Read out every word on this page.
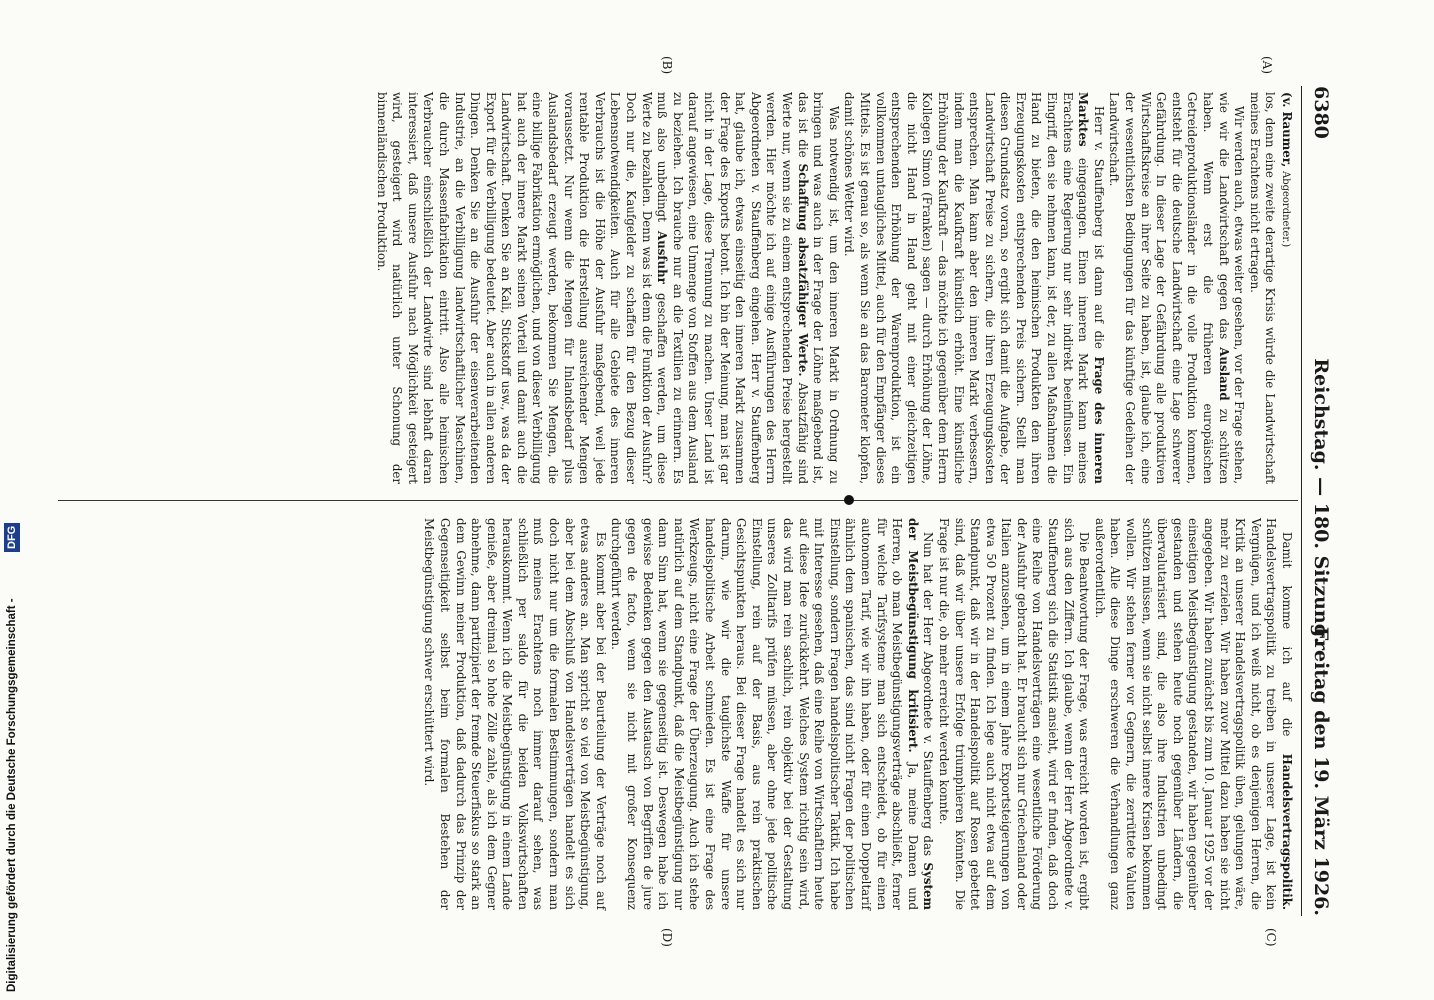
6380
Reichstag. — 180. Sitzung.
Freitag den 19. März 1926.
(A)
(B)
(C)
(D)

(v. Raumer, Abgeordneter.)

los, denn eine zweite derartige Krisis würde die Landwirtschaft meines Erachtens nicht ertragen.

Wir werden auch, etwas weiter gesehen, vor der Frage stehen, wie wir die Landwirtschaft gegen das Ausland zu schützen haben. Wenn erst die früheren europäischen Getreideproduktionsländer in die volle Produktion kommen, entsteht für die deutsche Landwirtschaft eine Lage schwerer Gefährdung. In dieser Lage der Gefährdung alle produktiven Wirtschaftskreise an ihrer Seite zu haben, ist, glaube ich, eine der wesentlichsten Bedingungen für das künftige Gedeihen der Landwirtschaft.

Herr v. Stauffenberg ist dann auf die Frage des inneren Marktes eingegangen. Einen inneren Markt kann meines Erachtens eine Regierung nur sehr indirekt beeinflussen. Ein Eingriff, den sie nehmen kann, ist der, zu allen Maßnahmen die Hand zu bieten, die den heimischen Produkten den ihren Erzeugungskosten entsprechenden Preis sichern. Stellt man diesen Grundsatz voran, so ergibt sich damit die Aufgabe, der Landwirtschaft Preise zu sichern, die ihren Erzeugungskosten entsprechen. Man kann aber den inneren Markt verbessern, indem man die Kaufkraft künstlich erhöht. Eine künstliche Erhöhung der Kaufkraft — das möchte ich gegenüber dem Herrn Kollegen Simon (Franken) sagen — durch Erhöhung der Löhne, die nicht Hand in Hand geht mit einer gleichzeitigen entsprechenden Erhöhung der Warenproduktion, ist ein vollkommen untaugliches Mittel, auch für den Empfänger dieses Mittels. Es ist genau so, als wenn Sie an das Barometer klopfen, damit schönes Wetter wird.

Was notwendig ist, um den inneren Markt in Ordnung zu bringen und was auch in der Frage der Löhne maßgebend ist, das ist die Schaffung absatzfähiger Werte. Absatzfähig sind Werte nur, wenn sie zu einem entsprechenden Preise hergestellt werden. Hier möchte ich auf einige Ausführungen des Herrn Abgeordneten v. Stauffenberg eingehen. Herr v. Stauffenberg hat, glaube ich, etwas einseitig den inneren Markt zusammen der Frage des Exports betont. Ich bin der Meinung, man ist gar nicht in der Lage, diese Trennung zu machen. Unser Land ist darauf angewiesen, eine Unmenge von Stoffen aus dem Ausland zu beziehen. Ich brauche nur an die Textilien zu erinnern. Es muß also unbedingt Ausfuhr geschaffen werden, um diese Werte zu bezahlen. Denn was ist denn die Funktion der Ausfuhr? Doch nur die, Kaufgelder zu schaffen für den Bezug dieser Lebensnotwendigkeiten. Auch für alle Gebiete des inneren Verbrauchs ist die Höhe der Ausfuhr maßgebend, weil jede rentable Produktion die Herstellung ausreichender Mengen voraussetzt. Nur wenn die Mengen für Inlandsbedarf plus Auslandsbedarf erzeugt werden, bekommen Sie Mengen, die eine billige Fabrikation ermöglichen, und von dieser Verbilligung hat auch der innere Markt seinen Vorteil und damit auch die Landwirtschaft. Denken Sie an Kali, Stickstoff usw., was da der Export für die Verbilligung bedeutet. Aber auch in allen anderen Dingen. Denken Sie an die Ausfuhr der eisenverarbeitenden Industrie, an die Verbilligung landwirtschaftlicher Maschinen, die durch Massenfabrikation eintritt. Also alle heimischen Verbraucher einschließlich der Landwirte sind lebhaft daran interessiert, daß unsere Ausfuhr nach Möglichkeit gesteigert wird, gesteigert wird natürlich unter Schonung der binnenländischen Produktion.

Damit komme ich auf die Handelsvertragspolitik. Handelsvertragspolitik zu treiben in unserer Lage, ist kein Vergnügen, und ich weiß nicht, ob es denjenigen Herren, die Kritik an unserer Handelsvertragspolitik üben, gelungen wäre, mehr zu erzielen. Wir haben zuvor Mittel dazu haben sie nicht angegeben. Wir haben zunächst bis zum 10. Januar 1925 vor der einseitigen Meistbegünstigung gestanden, wir haben gegenüber gestanden und stehen heute noch gegenüber Ländern, die übervalutarisiert sind, die also ihre Industrien unbedingt schützen müssen, wenn sie nicht selbst innere Krisen bekommen wollen. Wir stehen ferner vor Gegnern, die zerrüttete Valuten haben. Alle diese Dinge erschweren die Verhandlungen ganz außerordentlich.

Die Beantwortung der Frage, was erreicht worden ist, ergibt sich aus den Ziffern. Ich glaube, wenn der Herr Abgeordnete v. Stauffenberg sich die Statistik ansieht, wird er finden, daß doch eine Reihe von Handelsverträgen eine wesentliche Förderung der Ausfuhr gebracht hat. Er braucht sich nur Griechenland oder Italien anzusehen, um in einem Jahre Exportsteigerungen von etwa 50 Prozent zu finden. Ich lege auch nicht etwa auf dem Standpunkt, daß wir in der Handelspolitik auf Rosen gebettet sind, daß wir über unsere Erfolge triumphieren könnten. Die Frage ist nur die, ob mehr erreicht werden konnte.

Nun hat der Herr Abgeordnete v. Stauffenberg das System der Meistbegünstigung kritisiert. Ja, meine Damen und Herren, ob man Meistbegünstigungsverträge abschließt, ferner für welche Tarifsysteme man sich entscheidet, ob für einen autonomen Tarif, wie wir ihn haben, oder für einen Doppeltarif ähnlich dem spanischen, das sind nicht Fragen der politischen Einstellung, sondern Fragen handelspolitischer Taktik. Ich habe mit Interesse gesehen, daß eine Reihe von Wirtschaftlern heute auf diese Idee zurückkehrt. Welches System richtig sein wird, das wird man rein sachlich, rein objektiv bei der Gestaltung unseres Zolltarifs prüfen müssen, aber ohne jede politische Einstellung, rein auf der Basis, aus rein praktischen Gesichtspunkten heraus. Bei dieser Frage handelt es sich nur darum, wie wir die tauglichste Waffe für unsere handelspolitische Arbeit schmieden. Es ist eine Frage des Werkzeugs, nicht eine Frage der Überzeugung. Auch ich stehe natürlich auf dem Standpunkt, daß die Meistbegünstigung nur dann Sinn hat, wenn sie gegenseitig ist. Deswegen habe ich gewisse Bedenken gegen den Austausch von Begriffen de jure gegen de facto, wenn sie nicht mit großer Konsequenz durchgeführt werden.

Es kommt aber bei der Beurteilung der Verträge noch auf etwas anderes an. Man spricht so viel von Meistbegünstigung, aber bei dem Abschluß von Handelsverträgen handelt es sich doch nicht nur um die formalen Bestimmungen, sondern man muß meines Erachtens noch immer darauf sehen, was schließlich per saldo für die beiden Volkswirtschaften herauskommt. Wenn ich die Meistbegünstigung in einem Lande genieße, aber dreimal so hohe Zölle zahle, als ich dem Gegner abnehme, dann partizipiert der fremde Steuerfiskus so stark an dem Gewinn meiner Produktion, daß dadurch das Prinzip der Gegenseitigkeit selbst beim formalen Bestehen der Meistbegünstigung schwer erschüttert wird.

Digitalisierung gefördert durch die Deutsche Forschungsgemeinschaft -
DFG
